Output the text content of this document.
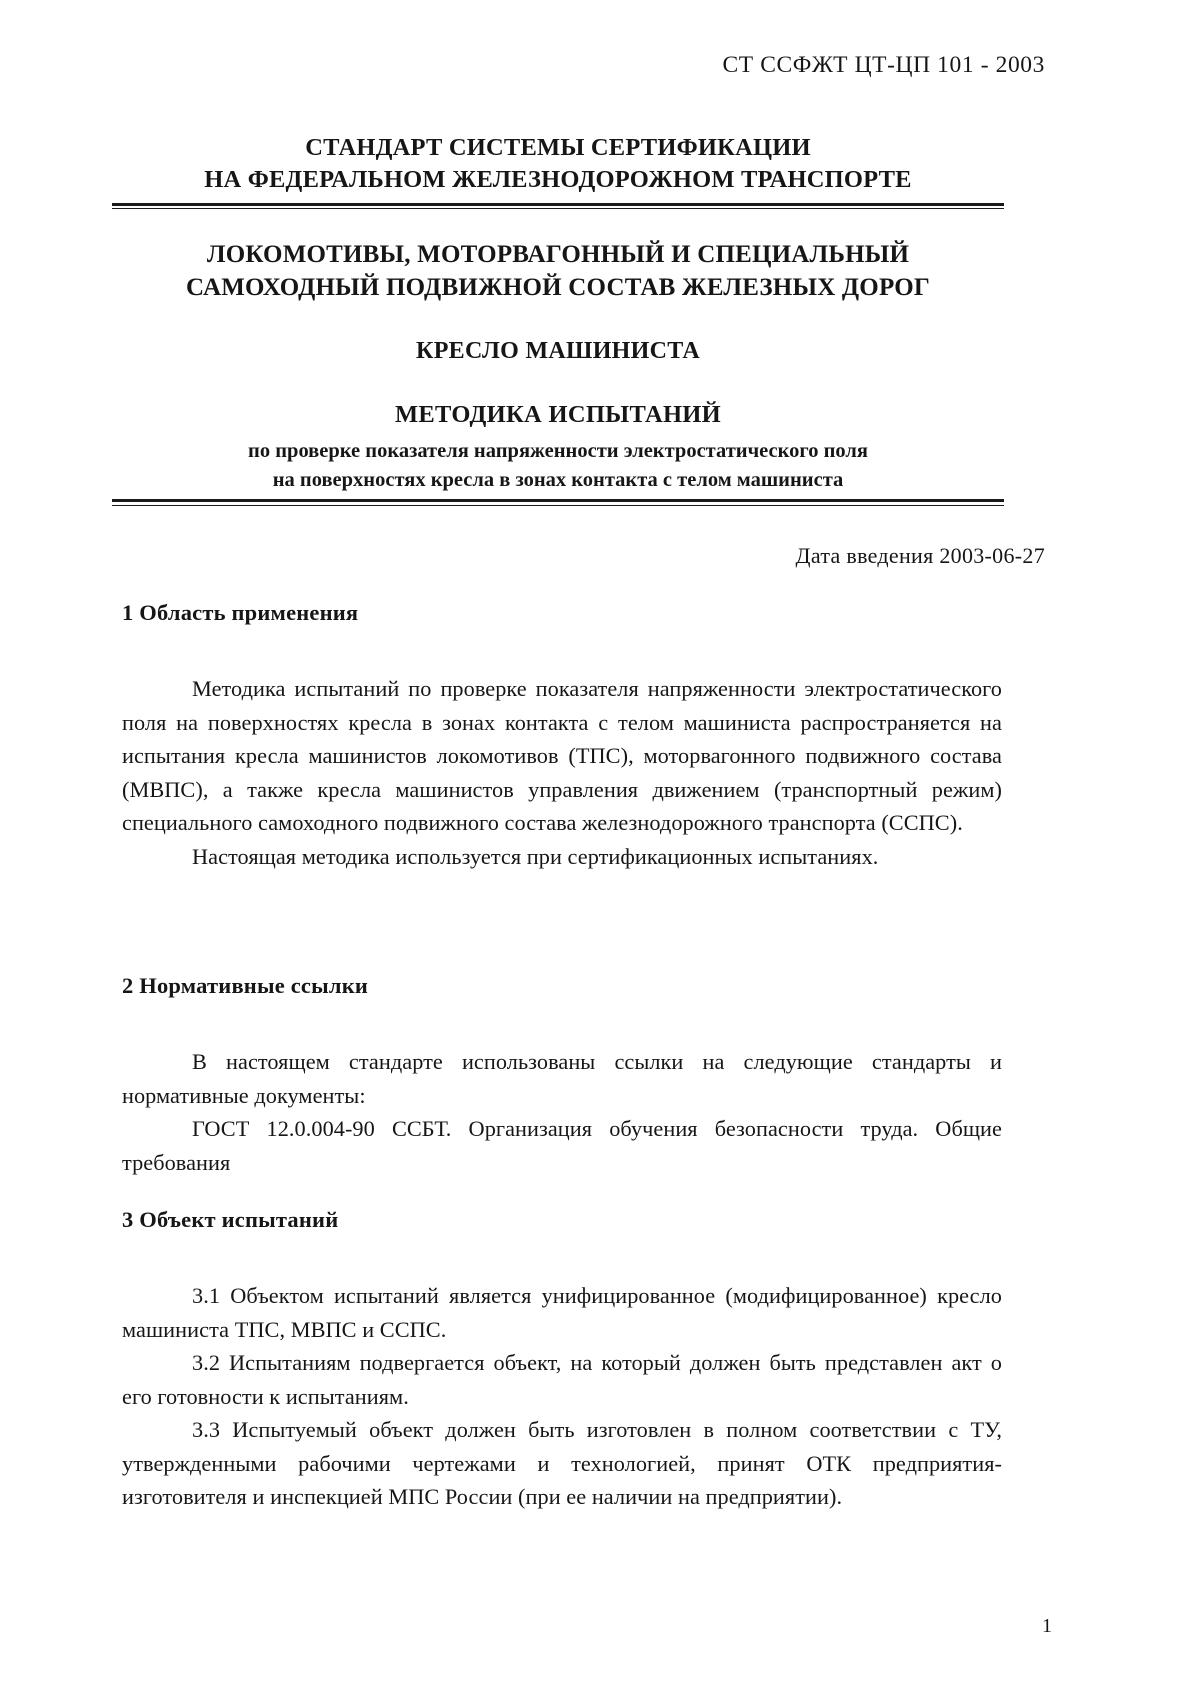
СТ ССФЖТ ЦТ-ЦП 101 - 2003
СТАНДАРТ СИСТЕМЫ СЕРТИФИКАЦИИ
НА ФЕДЕРАЛЬНОМ ЖЕЛЕЗНОДОРОЖНОМ ТРАНСПОРТЕ
ЛОКОМОТИВЫ, МОТОРВАГОННЫЙ И СПЕЦИАЛЬНЫЙ
САМОХОДНЫЙ ПОДВИЖНОЙ СОСТАВ ЖЕЛЕЗНЫХ ДОРОГ
КРЕСЛО МАШИНИСТА
МЕТОДИКА ИСПЫТАНИЙ
по проверке показателя напряженности электростатического поля
на поверхностях кресла в зонах контакта с телом машиниста
Дата введения 2003-06-27
1 Область применения

Методика испытаний по проверке показателя напряженности электростатического поля на поверхностях кресла в зонах контакта с телом машиниста распространяется на испытания кресла машинистов локомотивов (ТПС), моторвагонного подвижного состава (МВПС), а также кресла машинистов управления движением (транспортный режим) специального самоходного подвижного состава железнодорожного транспорта (ССПС).

Настоящая методика используется при сертификационных испытаниях.

2 Нормативные ссылки

В настоящем стандарте использованы ссылки на следующие стандарты и нормативные документы:

ГОСТ 12.0.004-90 ССБТ. Организация обучения безопасности труда. Общие требования

3 Объект испытаний

3.1 Объектом испытаний является унифицированное (модифицированное) кресло машиниста ТПС, МВПС и ССПС.

3.2 Испытаниям подвергается объект, на который должен быть представлен акт о его готовности к испытаниям.

3.3 Испытуемый объект должен быть изготовлен в полном соответствии с ТУ, утвержденными рабочими чертежами и технологией, принят ОТК предприятия-изготовителя и инспекцией МПС России (при ее наличии на предприятии).

1
